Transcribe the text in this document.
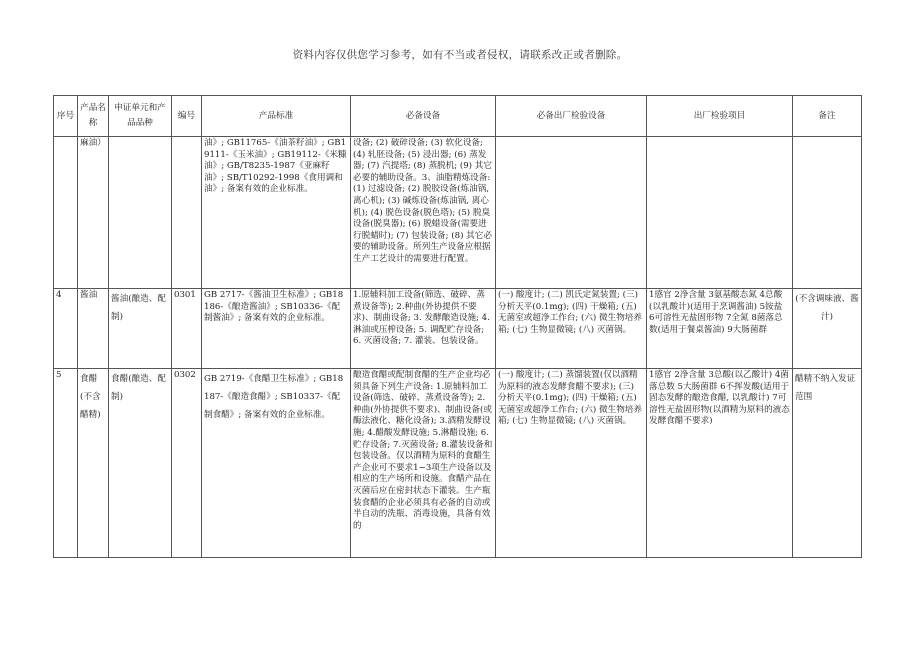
资料内容仅供您学习参考，如有不当或者侵权，请联系改正或者删除。
序号	产品名称	申证单元和产品品种	编号	产品标准	必备设备	必备出厂检验设备	出厂检验项目	备注
	麻油）			油》; GB11765-《油茶籽油》; GB19111-《玉米油》; GB19112-《米糠油》; GB/T8235-1987《亚麻籽油》; SB/T10292-1998《食用调和油》; 备案有效的企业标准。	设备; (2) 破碎设备; (3) 软化设备; (4) 轧胚设备; (5) 浸出器; (6) 蒸发器; (7) 汽提塔; (8) 蒸脱机; (9) 其它必要的辅助设备。3、油脂精炼设备: (1) 过滤设备; (2) 脱胶设备(炼油锅, 离心机); (3) 碱炼设备(炼油锅, 离心机); (4) 脱色设备(脱色塔); (5) 脱臭设备(脱臭器); (6) 脱蜡设备(需要进行脱蜡时); (7) 包装设备; (8) 其它必要的辅助设备。所列生产设备应根据生产工艺设计的需要进行配置。			

4	酱油	酱油(酿造、配制)	0301	GB 2717-《酱油卫生标准》; GB18186-《酿造酱油》; SB10336-《配制酱油》; 备案有效的企业标准。	1.原辅料加工设备(筛选、破碎、蒸煮设备等); 2.种曲(外协提供不要求)、制曲设备; 3. 发酵酿造设施; 4.淋油或压榨设备; 5. 调配贮存设备; 6. 灭菌设备; 7. 灌装、包装设备。	(一) 酸度计; (二) 凯氏定氮装置; (三) 分析天平(0.1mg); (四) 干燥箱; (五) 无菌室或超净工作台; (六) 微生物培养箱; (七) 生物显微镜; (八) 灭菌锅。	1感官 2净含量 3氨基酸态氮 4总酸(以乳酸计)(适用于烹调酱油) 5铵盐 6可溶性无盐固形物 7全氮 8菌落总数(适用于餐桌酱油) 9大肠菌群	(不含调味液、酱汁)
5	食醋(不含醋精)	食醋(酿造、配制)	0302	GB 2719-《食醋卫生标准》; GB18187-《酿造食醋》; SB10337-《配制食醋》; 备案有效的企业标准。	酿造食醋或配制食醋的生产企业均必须具备下列生产设备: 1.原辅料加工设备(筛选、破碎、蒸煮设备等); 2.种曲(外协提供不要求)、制曲设备(或酶法液化、糖化设备); 3.酒精发酵设施; 4.醋酸发酵设施; 5.淋醋设施; 6.贮存设备; 7.灭菌设备; 8.灌装设备和包装设备。仅以酒精为原料的食醋生产企业可不要求1~3项生产设备以及相应的生产场所和设施。食醋产品在灭菌后应在密封状态下灌装。生产瓶装食醋的企业必须具有必备的自动或半自动的洗瓶、消毒设施，具备有效的	(一) 酸度计; (二) 蒸馏装置(仅以酒精为原料的液态发酵食醋不要求); (三) 分析天平(0.1mg); (四) 干燥箱; (五) 无菌室或超净工作台; (六) 微生物培养箱; (七) 生物显微镜; (八) 灭菌锅。	1感官 2净含量 3总酸(以乙酸计) 4菌落总数 5大肠菌群 6不挥发酸(适用于固态发酵的酿造食醋, 以乳酸计) 7可溶性无盐固形物(以酒精为原料的液态发酵食醋不要求)	醋精不纳入发证范围
